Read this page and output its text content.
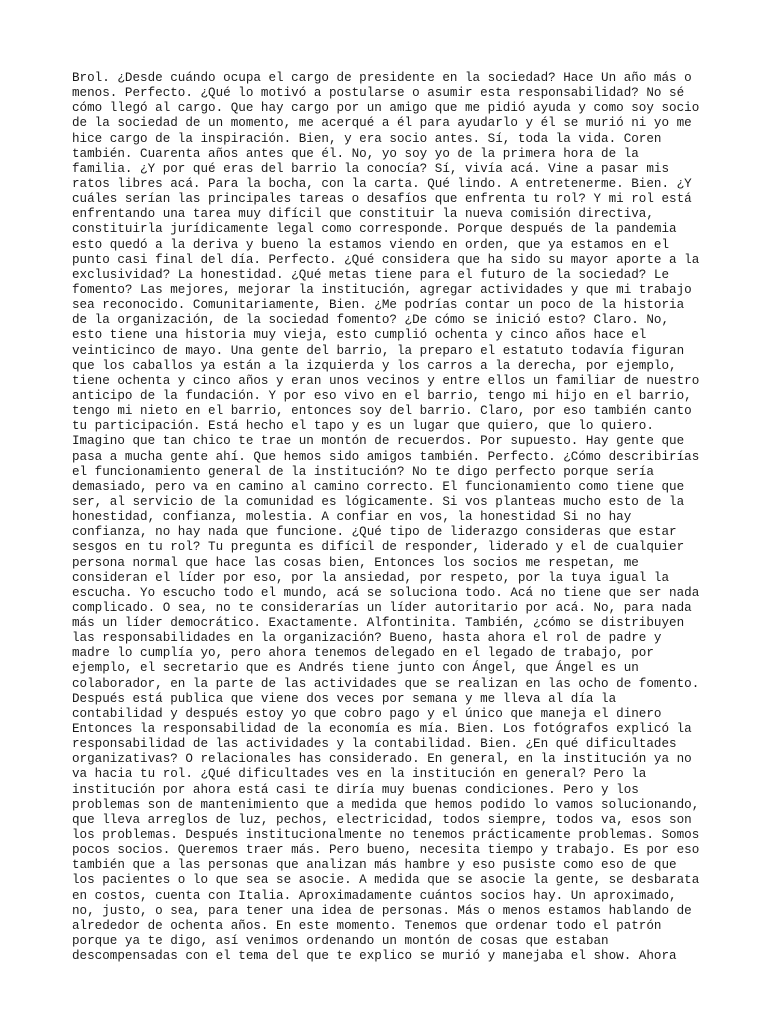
Brol. ¿Desde cuándo ocupa el cargo de presidente en la sociedad? Hace Un año más o
menos. Perfecto. ¿Qué lo motivó a postularse o asumir esta responsabilidad? No sé
cómo llegó al cargo. Que hay cargo por un amigo que me pidió ayuda y como soy socio
de la sociedad de un momento, me acerqué a él para ayudarlo y él se murió ni yo me
hice cargo de la inspiración. Bien, y era socio antes. Sí, toda la vida. Coren
también. Cuarenta años antes que él. No, yo soy yo de la primera hora de la
familia. ¿Y por qué eras del barrio la conocía? Sí, vivía acá. Vine a pasar mis
ratos libres acá. Para la bocha, con la carta. Qué lindo. A entretenerme. Bien. ¿Y
cuáles serían las principales tareas o desafíos que enfrenta tu rol? Y mi rol está
enfrentando una tarea muy difícil que constituir la nueva comisión directiva,
constituirla jurídicamente legal como corresponde. Porque después de la pandemia
esto quedó a la deriva y bueno la estamos viendo en orden, que ya estamos en el
punto casi final del día. Perfecto. ¿Qué considera que ha sido su mayor aporte a la
exclusividad? La honestidad. ¿Qué metas tiene para el futuro de la sociedad? Le
fomento? Las mejores, mejorar la institución, agregar actividades y que mi trabajo
sea reconocido. Comunitariamente, Bien. ¿Me podrías contar un poco de la historia
de la organización, de la sociedad fomento? ¿De cómo se inició esto? Claro. No,
esto tiene una historia muy vieja, esto cumplió ochenta y cinco años hace el
veinticinco de mayo. Una gente del barrio, la preparo el estatuto todavía figuran
que los caballos ya están a la izquierda y los carros a la derecha, por ejemplo,
tiene ochenta y cinco años y eran unos vecinos y entre ellos un familiar de nuestro
anticipo de la fundación. Y por eso vivo en el barrio, tengo mi hijo en el barrio,
tengo mi nieto en el barrio, entonces soy del barrio. Claro, por eso también canto
tu participación. Está hecho el tapo y es un lugar que quiero, que lo quiero.
Imagino que tan chico te trae un montón de recuerdos. Por supuesto. Hay gente que
pasa a mucha gente ahí. Que hemos sido amigos también. Perfecto. ¿Cómo describirías
el funcionamiento general de la institución? No te digo perfecto porque sería
demasiado, pero va en camino al camino correcto. El funcionamiento como tiene que
ser, al servicio de la comunidad es lógicamente. Si vos planteas mucho esto de la
honestidad, confianza, molestia. A confiar en vos, la honestidad Si no hay
confianza, no hay nada que funcione. ¿Qué tipo de liderazgo consideras que estar
sesgos en tu rol? Tu pregunta es difícil de responder, liderado y el de cualquier
persona normal que hace las cosas bien, Entonces los socios me respetan, me
consideran el líder por eso, por la ansiedad, por respeto, por la tuya igual la
escucha. Yo escucho todo el mundo, acá se soluciona todo. Acá no tiene que ser nada
complicado. O sea, no te considerarías un líder autoritario por acá. No, para nada
más un líder democrático. Exactamente. Alfontinita. También, ¿cómo se distribuyen
las responsabilidades en la organización? Bueno, hasta ahora el rol de padre y
madre lo cumplía yo, pero ahora tenemos delegado en el legado de trabajo, por
ejemplo, el secretario que es Andrés tiene junto con Ángel, que Ángel es un
colaborador, en la parte de las actividades que se realizan en las ocho de fomento.
Después está publica que viene dos veces por semana y me lleva al día la
contabilidad y después estoy yo que cobro pago y el único que maneja el dinero
Entonces la responsabilidad de la economía es mía. Bien. Los fotógrafos explicó la
responsabilidad de las actividades y la contabilidad. Bien. ¿En qué dificultades
organizativas? O relacionales has considerado. En general, en la institución ya no
va hacia tu rol. ¿Qué dificultades ves en la institución en general? Pero la
institución por ahora está casi te diría muy buenas condiciones. Pero y los
problemas son de mantenimiento que a medida que hemos podido lo vamos solucionando,
que lleva arreglos de luz, pechos, electricidad, todos siempre, todos va, esos son
los problemas. Después institucionalmente no tenemos prácticamente problemas. Somos
pocos socios. Queremos traer más. Pero bueno, necesita tiempo y trabajo. Es por eso
también que a las personas que analizan más hambre y eso pusiste como eso de que
los pacientes o lo que sea se asocie. A medida que se asocie la gente, se desbarata
en costos, cuenta con Italia. Aproximadamente cuántos socios hay. Un aproximado,
no, justo, o sea, para tener una idea de personas. Más o menos estamos hablando de
alrededor de ochenta años. En este momento. Tenemos que ordenar todo el patrón
porque ya te digo, así venimos ordenando un montón de cosas que estaban
descompensadas con el tema del que te explico se murió y manejaba el show. Ahora
